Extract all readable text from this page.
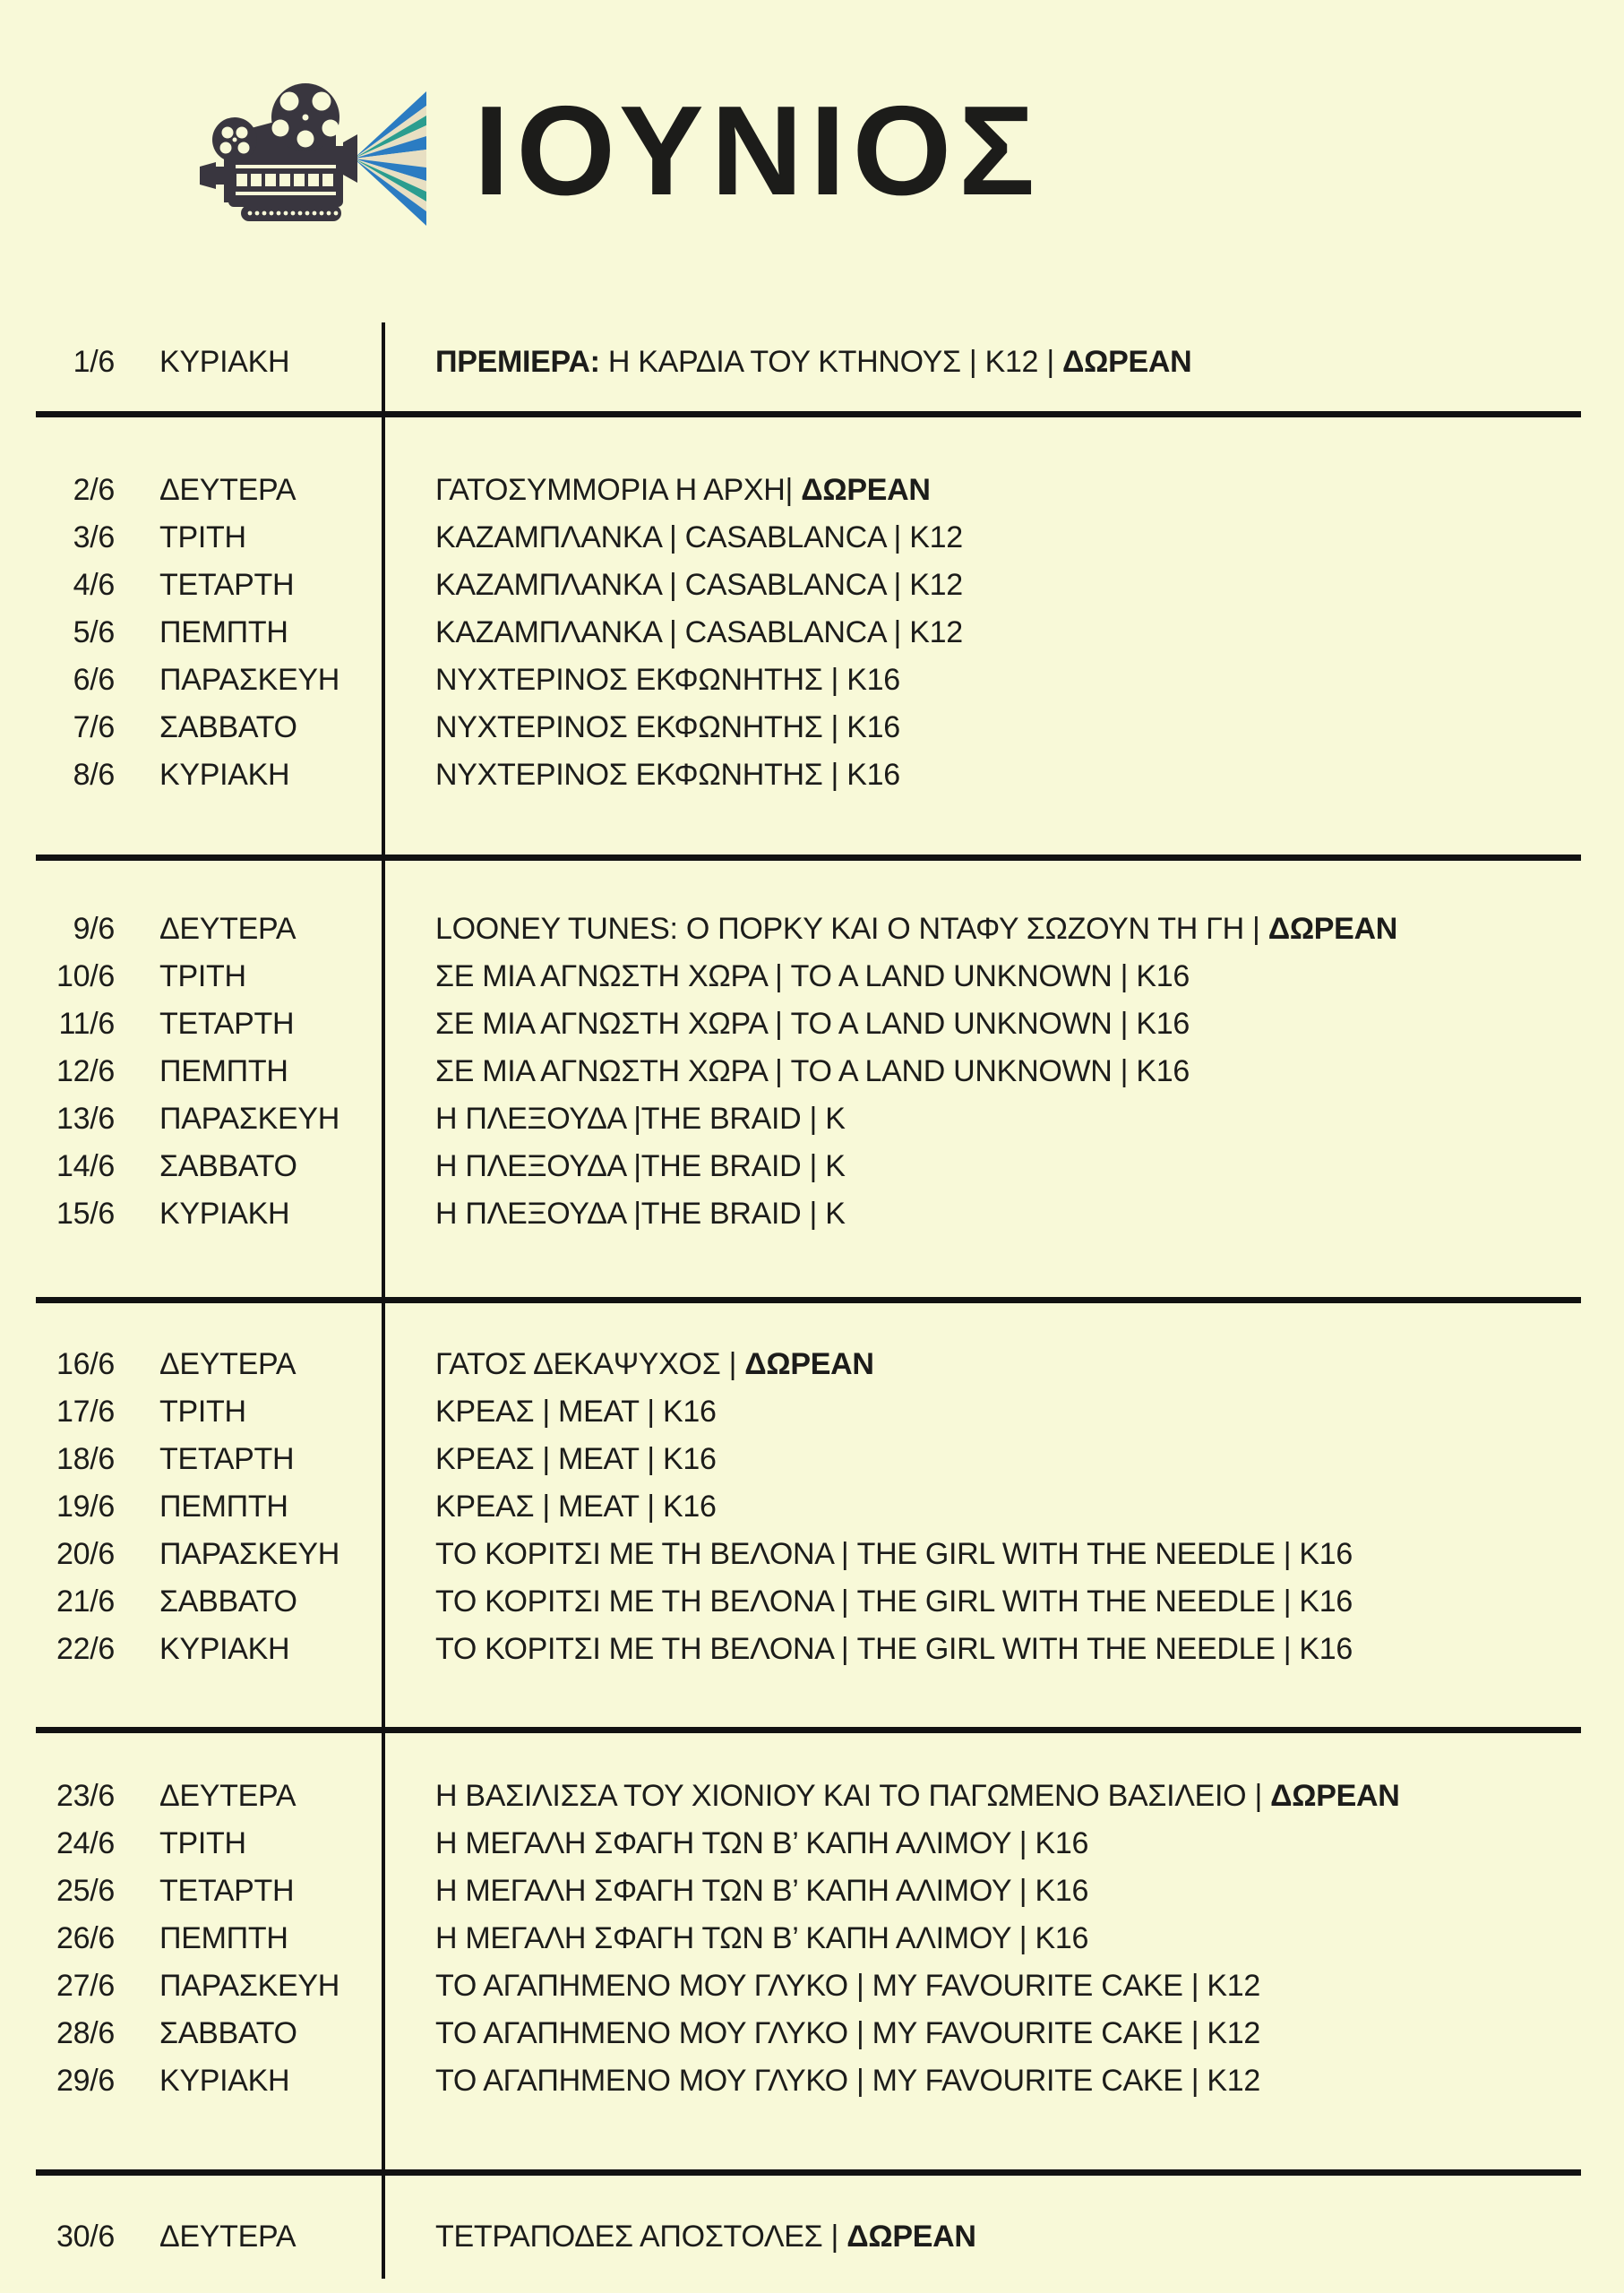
ΙΟΥΝΙΟΣ
1/6 ΚΥΡΙΑΚΗ	ΠΡΕΜΙΕΡΑ: Η ΚΑΡΔΙΑ ΤΟΥ ΚΤΗΝΟΥΣ | Κ12 | ΔΩΡΕΑΝ
2/6 ΔΕΥΤΕΡΑ	ΓΑΤΟΣΥΜΜΟΡΙΑ Η ΑΡΧΗ| ΔΩΡΕΑΝ
3/6 ΤΡΙΤΗ	ΚΑΖΑΜΠΛΑΝΚΑ | CASABLANCA | Κ12
4/6 ΤΕΤΑΡΤΗ	ΚΑΖΑΜΠΛΑΝΚΑ | CASABLANCA | Κ12
5/6 ΠΕΜΠΤΗ	ΚΑΖΑΜΠΛΑΝΚΑ | CASABLANCA | Κ12
6/6 ΠΑΡΑΣΚΕΥΗ	ΝΥΧΤΕΡΙΝΟΣ ΕΚΦΩΝΗΤΗΣ | Κ16
7/6 ΣΑΒΒΑΤΟ	ΝΥΧΤΕΡΙΝΟΣ ΕΚΦΩΝΗΤΗΣ | Κ16
8/6 ΚΥΡΙΑΚΗ	ΝΥΧΤΕΡΙΝΟΣ ΕΚΦΩΝΗΤΗΣ | Κ16
9/6 ΔΕΥΤΕΡΑ	LOONEY TUNES: Ο ΠΟΡΚΥ ΚΑΙ Ο ΝΤΑΦΥ ΣΩΖΟΥΝ ΤΗ ΓΗ | ΔΩΡΕΑΝ
10/6 ΤΡΙΤΗ	ΣΕ ΜΙΑ ΑΓΝΩΣΤΗ ΧΩΡΑ | TO A LAND UNKNOWN | Κ16
11/6 ΤΕΤΑΡΤΗ	ΣΕ ΜΙΑ ΑΓΝΩΣΤΗ ΧΩΡΑ | TO A LAND UNKNOWN | Κ16
12/6 ΠΕΜΠΤΗ	ΣΕ ΜΙΑ ΑΓΝΩΣΤΗ ΧΩΡΑ | TO A LAND UNKNOWN | Κ16
13/6 ΠΑΡΑΣΚΕΥΗ	Η ΠΛΕΞΟΥΔΑ |THE BRAID | Κ
14/6 ΣΑΒΒΑΤΟ	Η ΠΛΕΞΟΥΔΑ |THE BRAID | Κ
15/6 ΚΥΡΙΑΚΗ	Η ΠΛΕΞΟΥΔΑ |THE BRAID | Κ
16/6 ΔΕΥΤΕΡΑ	ΓΑΤΟΣ ΔΕΚΑΨΥΧΟΣ | ΔΩΡΕΑΝ
17/6 ΤΡΙΤΗ	ΚΡΕΑΣ | MEAT | Κ16
18/6 ΤΕΤΑΡΤΗ	ΚΡΕΑΣ | MEAT | Κ16
19/6 ΠΕΜΠΤΗ	ΚΡΕΑΣ | MEAT | Κ16
20/6 ΠΑΡΑΣΚΕΥΗ	ΤΟ ΚΟΡΙΤΣΙ ΜΕ ΤΗ ΒΕΛΟΝΑ | THE GIRL WITH THE NEEDLE | Κ16
21/6 ΣΑΒΒΑΤΟ	ΤΟ ΚΟΡΙΤΣΙ ΜΕ ΤΗ ΒΕΛΟΝΑ | THE GIRL WITH THE NEEDLE | Κ16
22/6 ΚΥΡΙΑΚΗ	ΤΟ ΚΟΡΙΤΣΙ ΜΕ ΤΗ ΒΕΛΟΝΑ | THE GIRL WITH THE NEEDLE | Κ16
23/6 ΔΕΥΤΕΡΑ	Η ΒΑΣΙΛΙΣΣΑ ΤΟΥ ΧΙΟΝΙΟΥ ΚΑΙ ΤΟ ΠΑΓΩΜΕΝΟ ΒΑΣΙΛΕΙΟ | ΔΩΡΕΑΝ
24/6 ΤΡΙΤΗ	Η ΜΕΓΑΛΗ ΣΦΑΓΗ ΤΩΝ Β’ ΚΑΠΗ ΑΛΙΜΟΥ | Κ16
25/6 ΤΕΤΑΡΤΗ	Η ΜΕΓΑΛΗ ΣΦΑΓΗ ΤΩΝ Β’ ΚΑΠΗ ΑΛΙΜΟΥ | Κ16
26/6 ΠΕΜΠΤΗ	Η ΜΕΓΑΛΗ ΣΦΑΓΗ ΤΩΝ Β’ ΚΑΠΗ ΑΛΙΜΟΥ | Κ16
27/6 ΠΑΡΑΣΚΕΥΗ	ΤΟ ΑΓΑΠΗΜΕΝΟ ΜΟΥ ΓΛΥΚΟ | MY FAVOURITE CAKE | Κ12
28/6 ΣΑΒΒΑΤΟ	ΤΟ ΑΓΑΠΗΜΕΝΟ ΜΟΥ ΓΛΥΚΟ | MY FAVOURITE CAKE | Κ12
29/6 ΚΥΡΙΑΚΗ	ΤΟ ΑΓΑΠΗΜΕΝΟ ΜΟΥ ΓΛΥΚΟ | MY FAVOURITE CAKE | Κ12
30/6 ΔΕΥΤΕΡΑ	ΤΕΤΡΑΠΟΔΕΣ ΑΠΟΣΤΟΛΕΣ | ΔΩΡΕΑΝ
